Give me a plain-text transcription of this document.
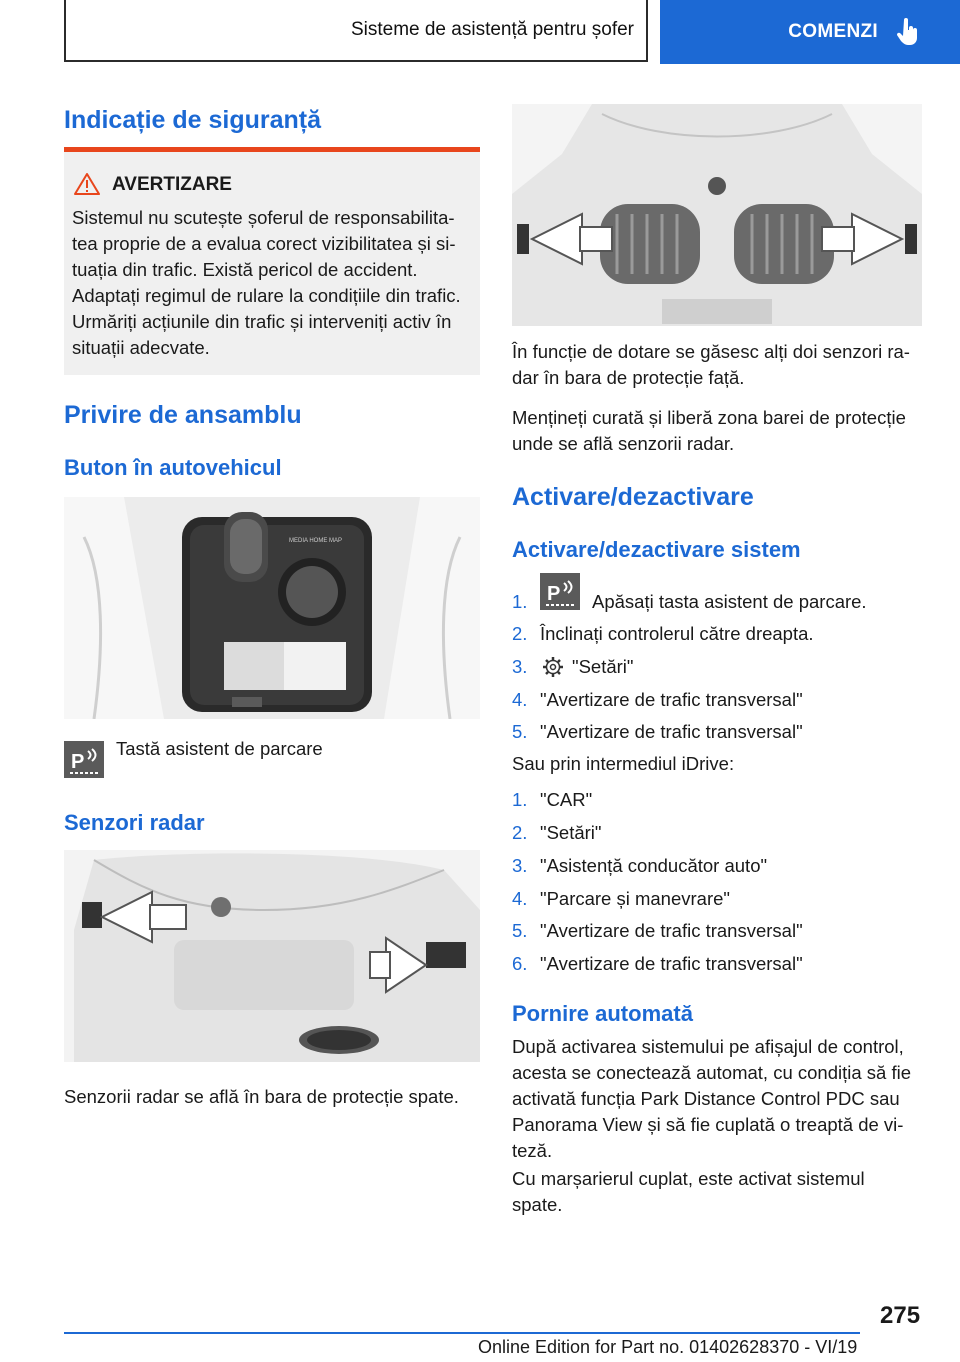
Sisteme de asistență pentru șofer	COMENZI
Indicație de siguranță
AVERTIZARE
Sistemul nu scutește șoferul de responsabilita-
tea proprie de a evalua corect vizibilitatea și si-
tuația din trafic. Există pericol de accident.
Adaptați regimul de rulare la condițiile din trafic.
Urmăriți acțiunile din trafic și interveniți activ în
situații adecvate.
Privire de ansamblu
Buton în autovehicul
MEDIA HOME MAP
P
Tastă asistent de parcare
Senzori radar
Senzorii radar se află în bara de protecție spate.
În funcție de dotare se găsesc alți doi senzori ra-
dar în bara de protecție față.
Mențineți curată și liberă zona barei de protecție
unde se află senzorii radar.
Activare/dezactivare
Activare/dezactivare sistem
1. P Apăsați tasta asistent de parcare.
2. Înclinați controlerul către dreapta.
3.	"Setări"
4. "Avertizare de trafic transversal"
5. "Avertizare de trafic transversal"
Sau prin intermediul iDrive:
1. "CAR"
2. "Setări"
3. "Asistență conducător auto"
4. "Parcare și manevrare"
5. "Avertizare de trafic transversal"
6. "Avertizare de trafic transversal"
Pornire automată
După activarea sistemului pe afișajul de control,
acesta se conectează automat, cu condiția să fie
activată funcția Park Distance Control PDC sau
Panorama View și să fie cuplată o treaptă de vi-
teză.
Cu marșarierul cuplat, este activat sistemul
spate.
275
Online Edition for Part no. 01402628370 - VI/19
